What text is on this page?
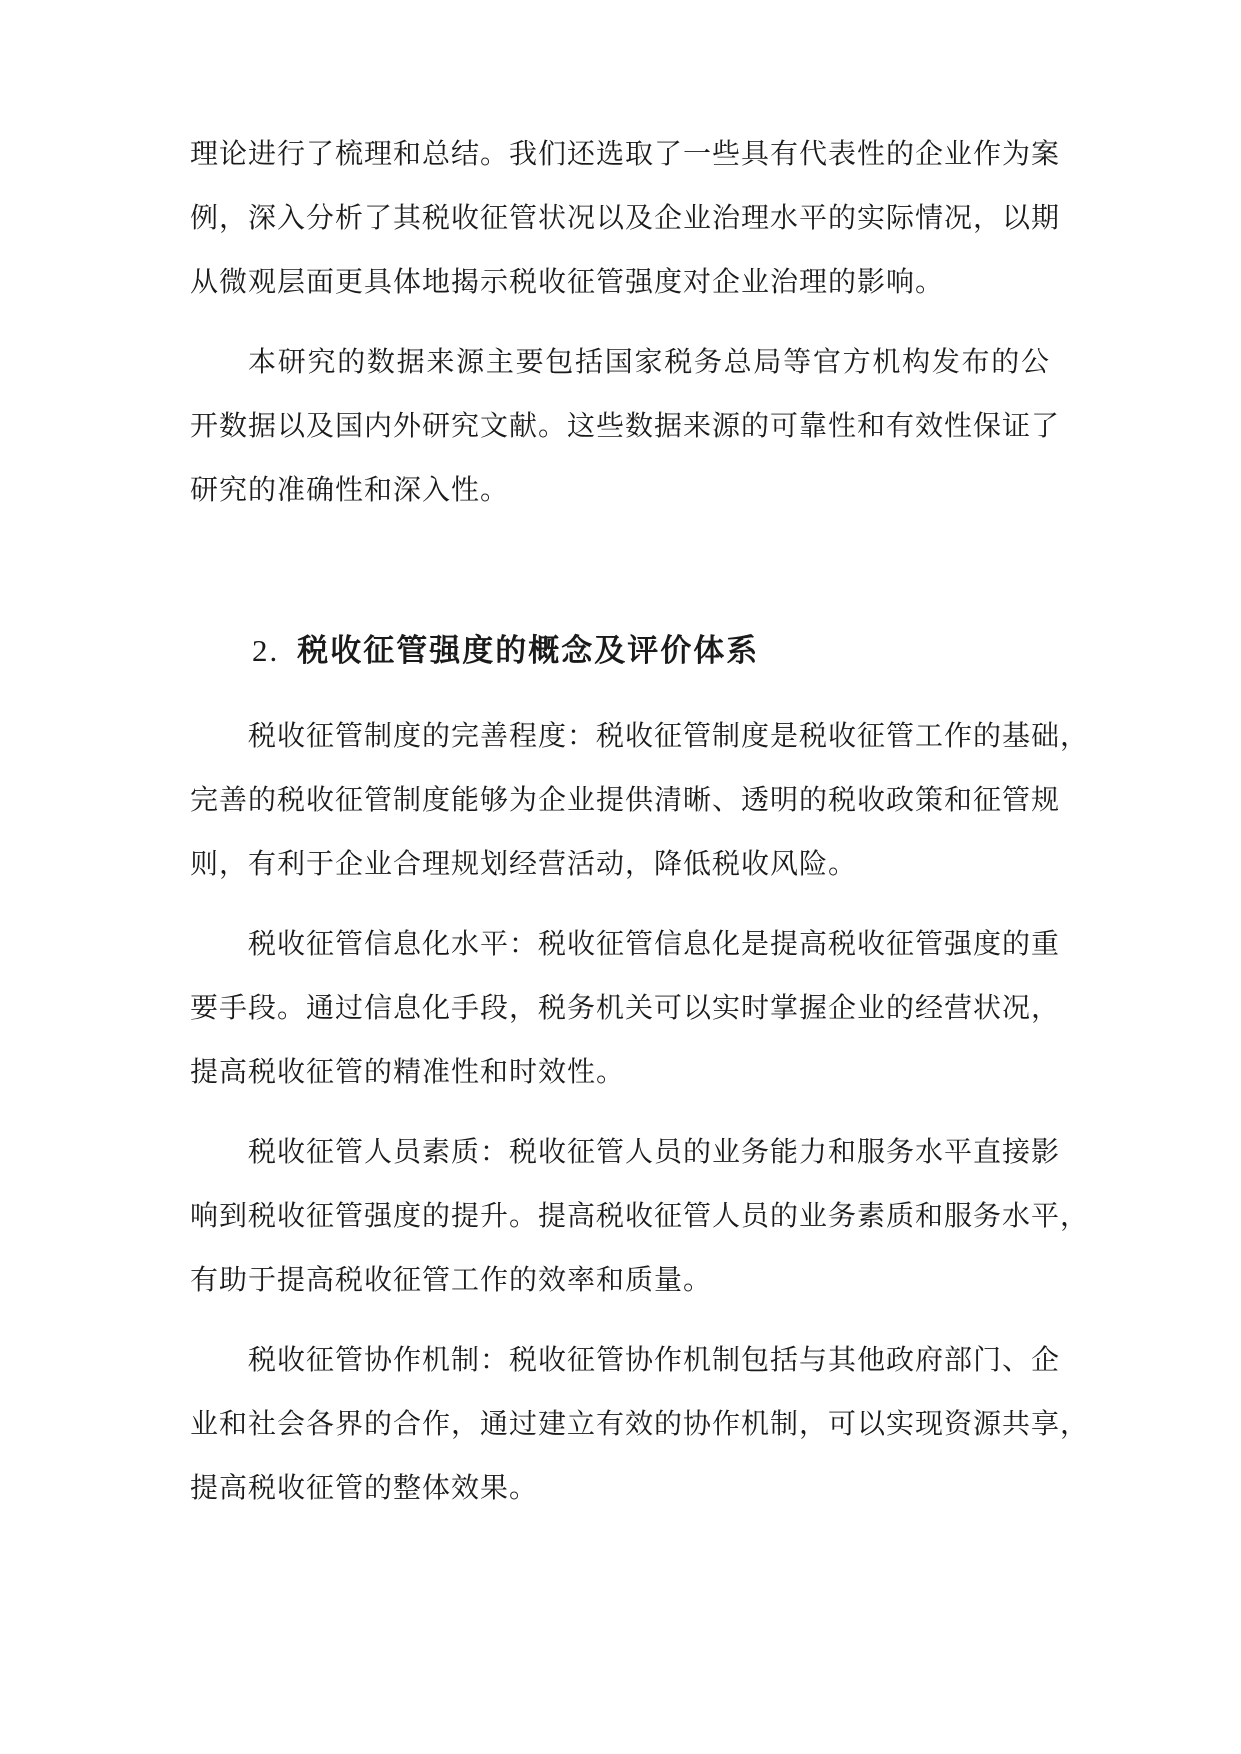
理论进行了梳理和总结。我们还选取了一些具有代表性的企业作为案
例，深入分析了其税收征管状况以及企业治理水平的实际情况，以期
从微观层面更具体地揭示税收征管强度对企业治理的影响。

本研究的数据来源主要包括国家税务总局等官方机构发布的公
开数据以及国内外研究文献。这些数据来源的可靠性和有效性保证了
研究的准确性和深入性。

2. 税收征管强度的概念及评价体系

税收征管制度的完善程度：税收征管制度是税收征管工作的基础，
完善的税收征管制度能够为企业提供清晰、透明的税收政策和征管规
则，有利于企业合理规划经营活动，降低税收风险。

税收征管信息化水平：税收征管信息化是提高税收征管强度的重
要手段。通过信息化手段，税务机关可以实时掌握企业的经营状况，
提高税收征管的精准性和时效性。

税收征管人员素质：税收征管人员的业务能力和服务水平直接影
响到税收征管强度的提升。提高税收征管人员的业务素质和服务水平，
有助于提高税收征管工作的效率和质量。

税收征管协作机制：税收征管协作机制包括与其他政府部门、企
业和社会各界的合作，通过建立有效的协作机制，可以实现资源共享，
提高税收征管的整体效果。
